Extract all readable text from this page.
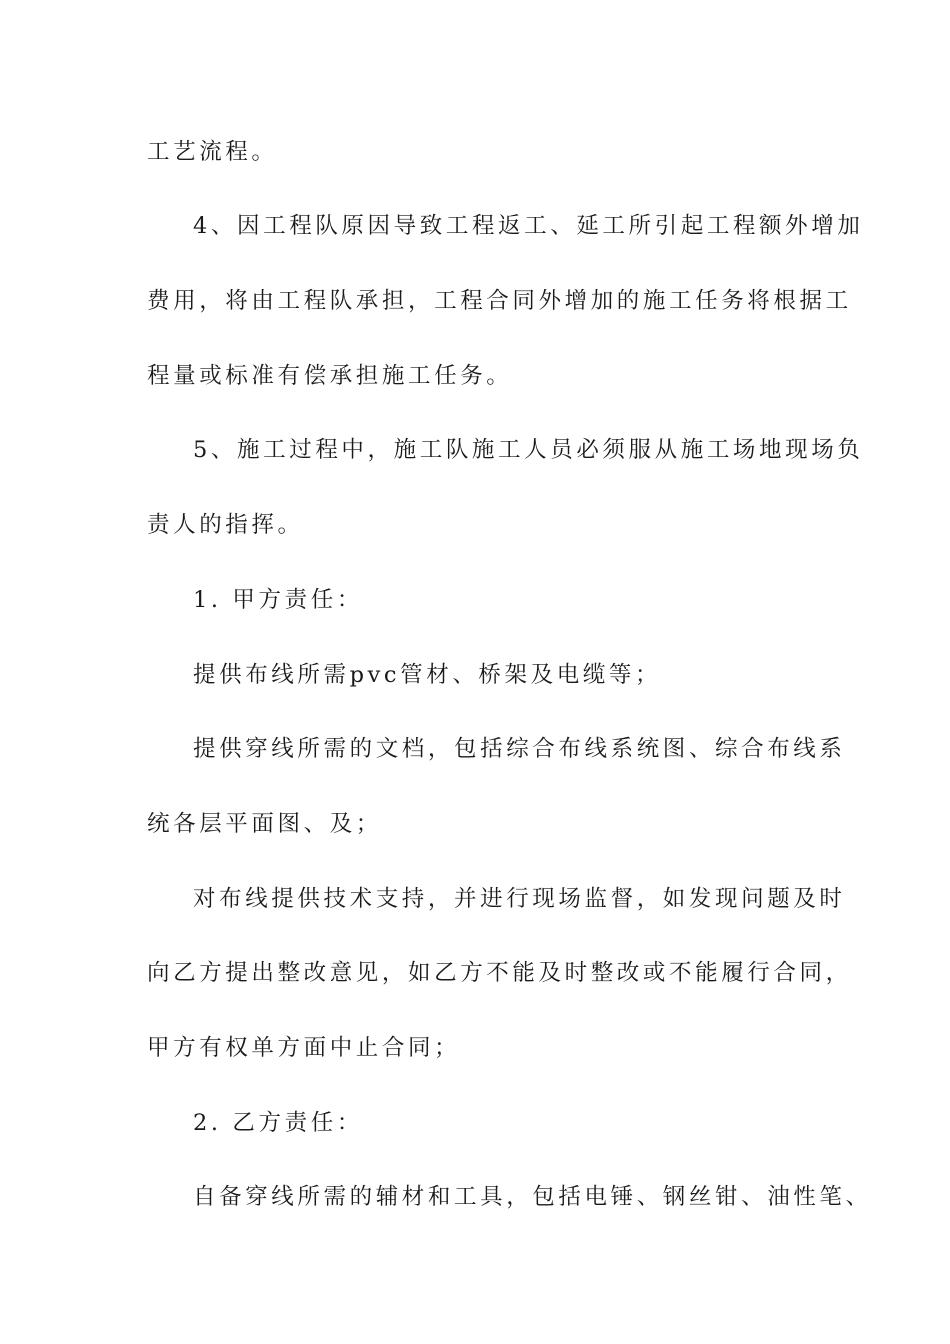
工艺流程。
4、因工程队原因导致工程返工、延工所引起工程额外增加
费用，将由工程队承担，工程合同外增加的施工任务将根据工
程量或标准有偿承担施工任务。
5、施工过程中，施工队施工人员必须服从施工场地现场负
责人的指挥。
1. 甲方责任：
提供布线所需pvc管材、桥架及电缆等；
提供穿线所需的文档，包括综合布线系统图、综合布线系
统各层平面图、及；
对布线提供技术支持，并进行现场监督，如发现问题及时
向乙方提出整改意见，如乙方不能及时整改或不能履行合同，
甲方有权单方面中止合同；
2. 乙方责任：
自备穿线所需的辅材和工具，包括电锤、钢丝钳、油性笔、
